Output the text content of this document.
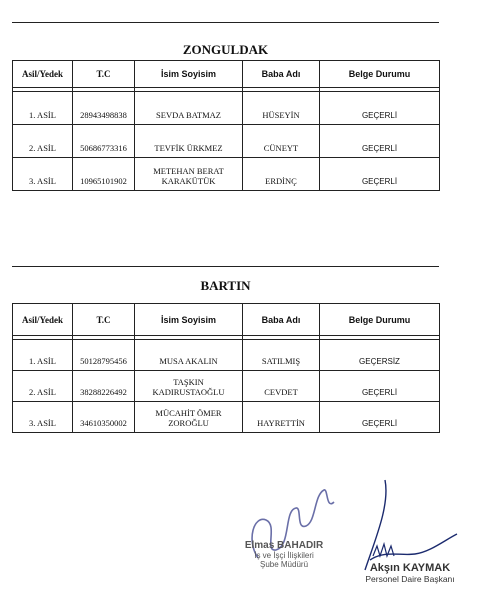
ZONGULDAK
Asil/Yedek	T.C	İsim Soyisim	Baba Adı	Belge Durumu

1. ASİL	28943498838	SEVDA BATMAZ	HÜSEYİN	GEÇERLİ
2. ASİL	50686773316	TEVFİK ÜRKMEZ	CÜNEYT	GEÇERLİ
3. ASİL	10965101902	METEHAN BERAT KARAKÜTÜK	ERDİNÇ	GEÇERLİ
BARTIN
Asil/Yedek	T.C	İsim Soyisim	Baba Adı	Belge Durumu

1. ASİL	50128795456	MUSA AKALIN	SATILMIŞ	GEÇERSİZ
2. ASİL	38288226492	TAŞKIN KADIRUSTAOĞLU	CEVDET	GEÇERLİ
3. ASİL	34610350002	MÜCAHİT ÖMER ZOROĞLU	HAYRETTİN	GEÇERLİ
Elmas BAHADIR
İş ve İşçi İlişkileri
Şube Müdürü	Akşın KAYMAK
Personel Daire Başkanı
